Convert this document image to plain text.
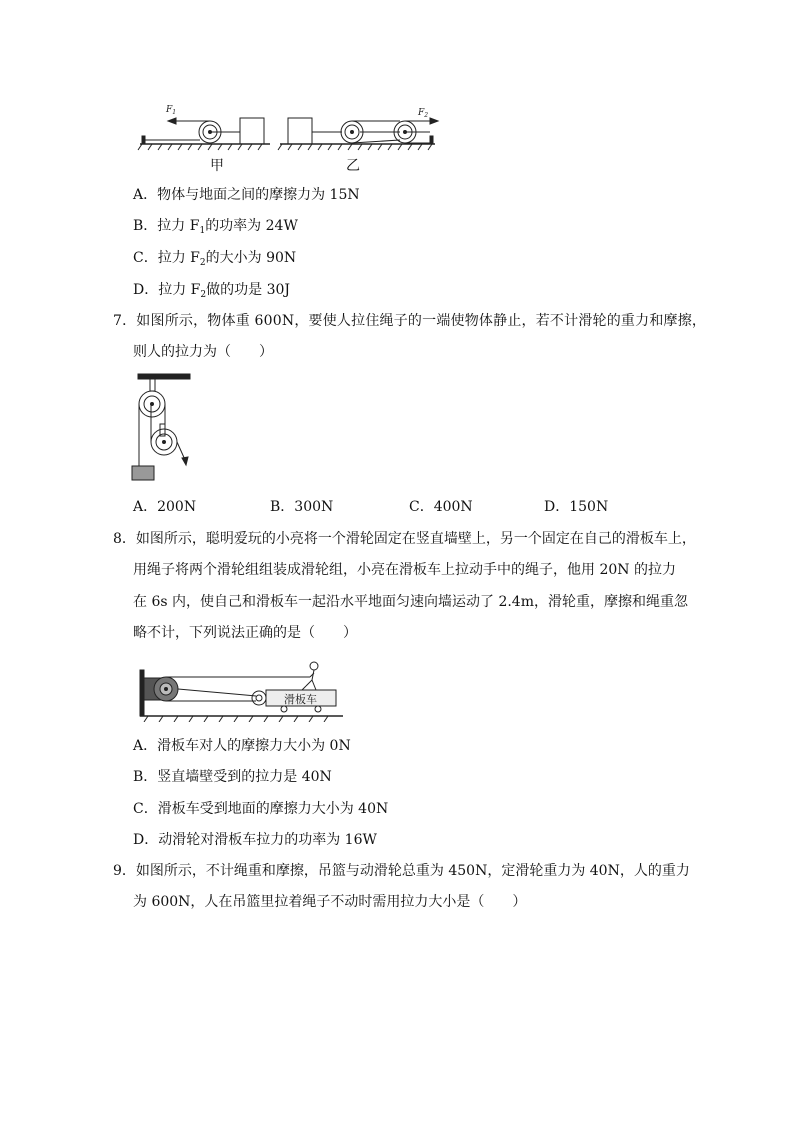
$F_1$	$F_2$
甲	乙
A．物体与地面之间的摩擦力为 15N
B．拉力 $F_1$的功率为 24W
C．拉力 $F_2$的大小为 90N
D．拉力 $F_2$做的功是 30J
7．如图所示，物体重 600N，要使人拉住绳子的一端使物体静止，若不计滑轮的重力和摩擦，
则人的拉力为（　　）
A．200N	B．300N	C．400N	D．150N
8．如图所示，聪明爱玩的小亮将一个滑轮固定在竖直墙壁上，另一个固定在自己的滑板车上，
用绳子将两个滑轮组组装成滑轮组，小亮在滑板车上拉动手中的绳子，他用 20N 的拉力
在 6s 内，使自己和滑板车一起沿水平地面匀速向墙运动了 2.4m，滑轮重，摩擦和绳重忽
略不计，下列说法正确的是（　　）
滑板车
A．滑板车对人的摩擦力大小为 0N
B．竖直墙壁受到的拉力是 40N
C．滑板车受到地面的摩擦力大小为 40N
D．动滑轮对滑板车拉力的功率为 16W
9．如图所示，不计绳重和摩擦，吊篮与动滑轮总重为 450N，定滑轮重力为 40N，人的重力
为 600N，人在吊篮里拉着绳子不动时需用拉力大小是（　　）
